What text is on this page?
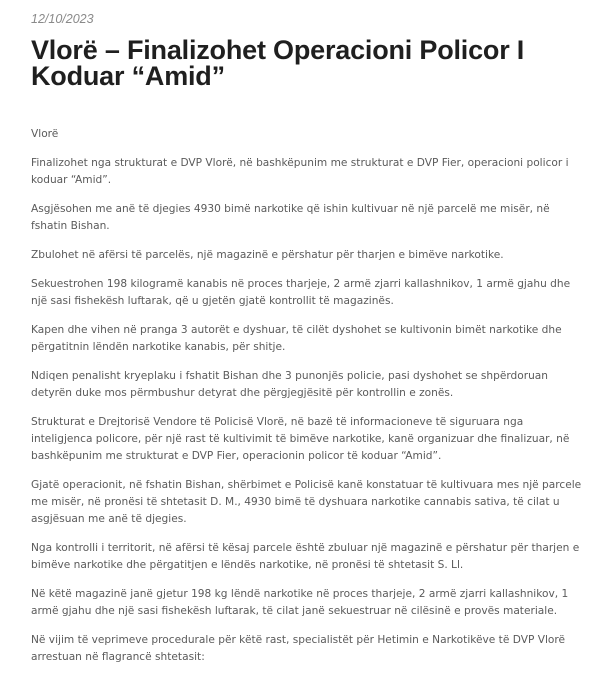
12/10/2023

Vlorë – Finalizohet Operacioni Policor I Koduar “Amid”

Vlorë

Finalizohet nga strukturat e DVP Vlorë, në bashkëpunim me strukturat e DVP Fier, operacioni policor i koduar “Amid”.

Asgjësohen me anë të djegies 4930 bimë narkotike që ishin kultivuar në një parcelë me misër, në fshatin Bishan.

Zbulohet në afërsi të parcelës, një magazinë e përshatur për tharjen e bimëve narkotike.

Sekuestrohen 198 kilogramë kanabis në proces tharjeje, 2 armë zjarri kallashnikov, 1 armë gjahu dhe një sasi fishekësh luftarak, që u gjetën gjatë kontrollit të magazinës.

Kapen dhe vihen në pranga 3 autorët e dyshuar, të cilët dyshohet se kultivonin bimët narkotike dhe përgatitnin lëndën narkotike kanabis, për shitje.

Ndiqen penalisht kryeplaku i fshatit Bishan dhe 3 punonjës policie, pasi dyshohet se shpërdoruan detyrën duke mos përmbushur detyrat dhe përgjegjësitë për kontrollin e zonës.

Strukturat e Drejtorisë Vendore të Policisë Vlorë, në bazë të informacioneve të siguruara nga inteligjenca policore, për një rast të kultivimit të bimëve narkotike, kanë organizuar dhe finalizuar, në bashkëpunim me strukturat e DVP Fier, operacionin policor të koduar “Amid”.

Gjatë operacionit, në fshatin Bishan, shërbimet e Policisë kanë konstatuar të kultivuara mes një parcele me misër, në pronësi të shtetasit D. M., 4930 bimë të dyshuara narkotike cannabis sativa, të cilat u asgjësuan me anë të djegies.

Nga kontrolli i territorit, në afërsi të kësaj parcele është zbuluar një magazinë e përshatur për tharjen e bimëve narkotike dhe përgatitjen e lëndës narkotike, në pronësi të shtetasit S. Ll.

Në këtë magazinë janë gjetur 198 kg lëndë narkotike në proces tharjeje, 2 armë zjarri kallashnikov, 1 armë gjahu dhe një sasi fishekësh luftarak, të cilat janë sekuestruar në cilësinë e provës materiale.

Në vijim të veprimeve procedurale për këtë rast, specialistët për Hetimin e Narkotikëve të DVP Vlorë arrestuan në flagrancë shtetasit:
